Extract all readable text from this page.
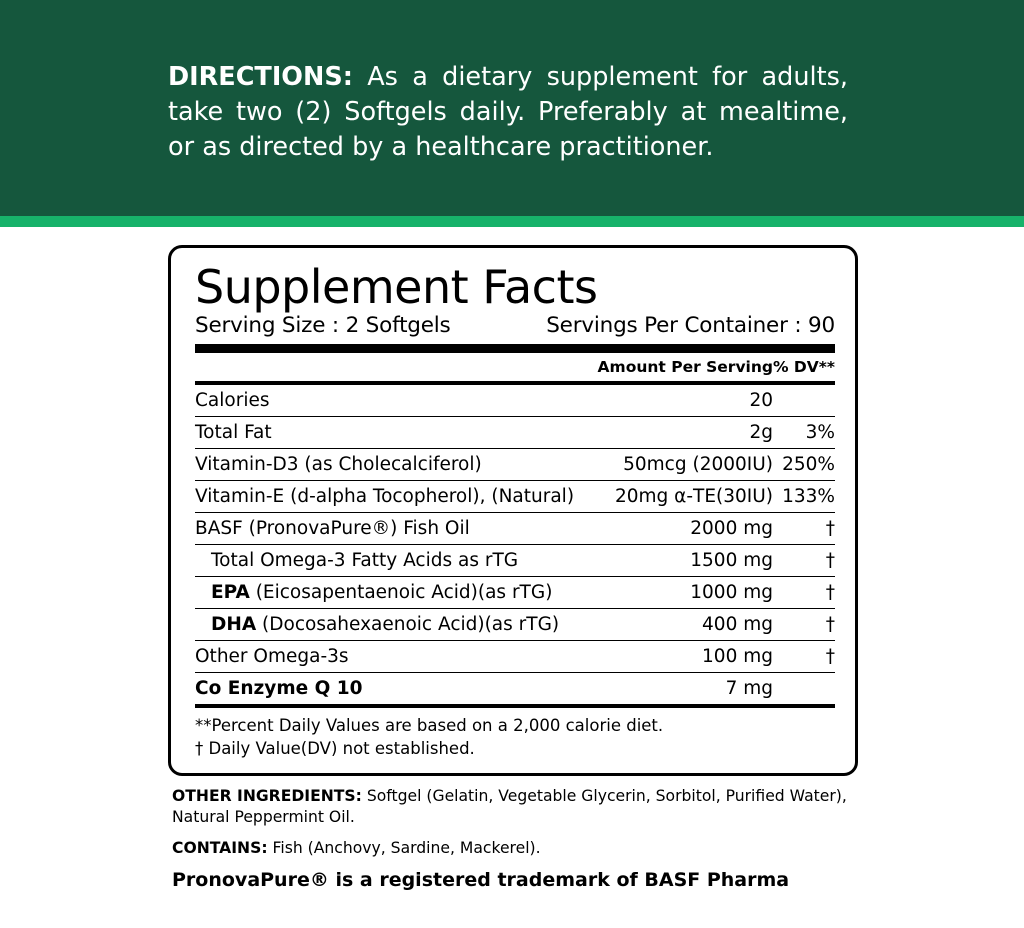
DIRECTIONS: As a dietary supplement for adults, take two (2) Softgels daily. Preferably at mealtime, or as directed by a healthcare practitioner.
Supplement Facts
Serving Size : 2 Softgels	Servings Per Container : 90
	Amount Per Serving	% DV**
Calories	20	
Total Fat	2g	3%
Vitamin-D3 (as Cholecalciferol)	50mcg (2000IU)	250%
Vitamin-E (d-alpha Tocopherol), (Natural)	20mg α-TE(30IU)	133%
BASF (PronovaPure®) Fish Oil	2000 mg	†
Total Omega-3 Fatty Acids as rTG	1500 mg	†
EPA (Eicosapentaenoic Acid)(as rTG)	1000 mg	†
DHA (Docosahexaenoic Acid)(as rTG)	400 mg	†
Other Omega-3s	100 mg	†
Co Enzyme Q 10	7 mg	
**Percent Daily Values are based on a 2,000 calorie diet.
† Daily Value(DV) not established.

OTHER INGREDIENTS: Softgel (Gelatin, Vegetable Glycerin, Sorbitol, Purified Water), Natural Peppermint Oil.

CONTAINS: Fish (Anchovy, Sardine, Mackerel).

PronovaPure® is a registered trademark of BASF Pharma
